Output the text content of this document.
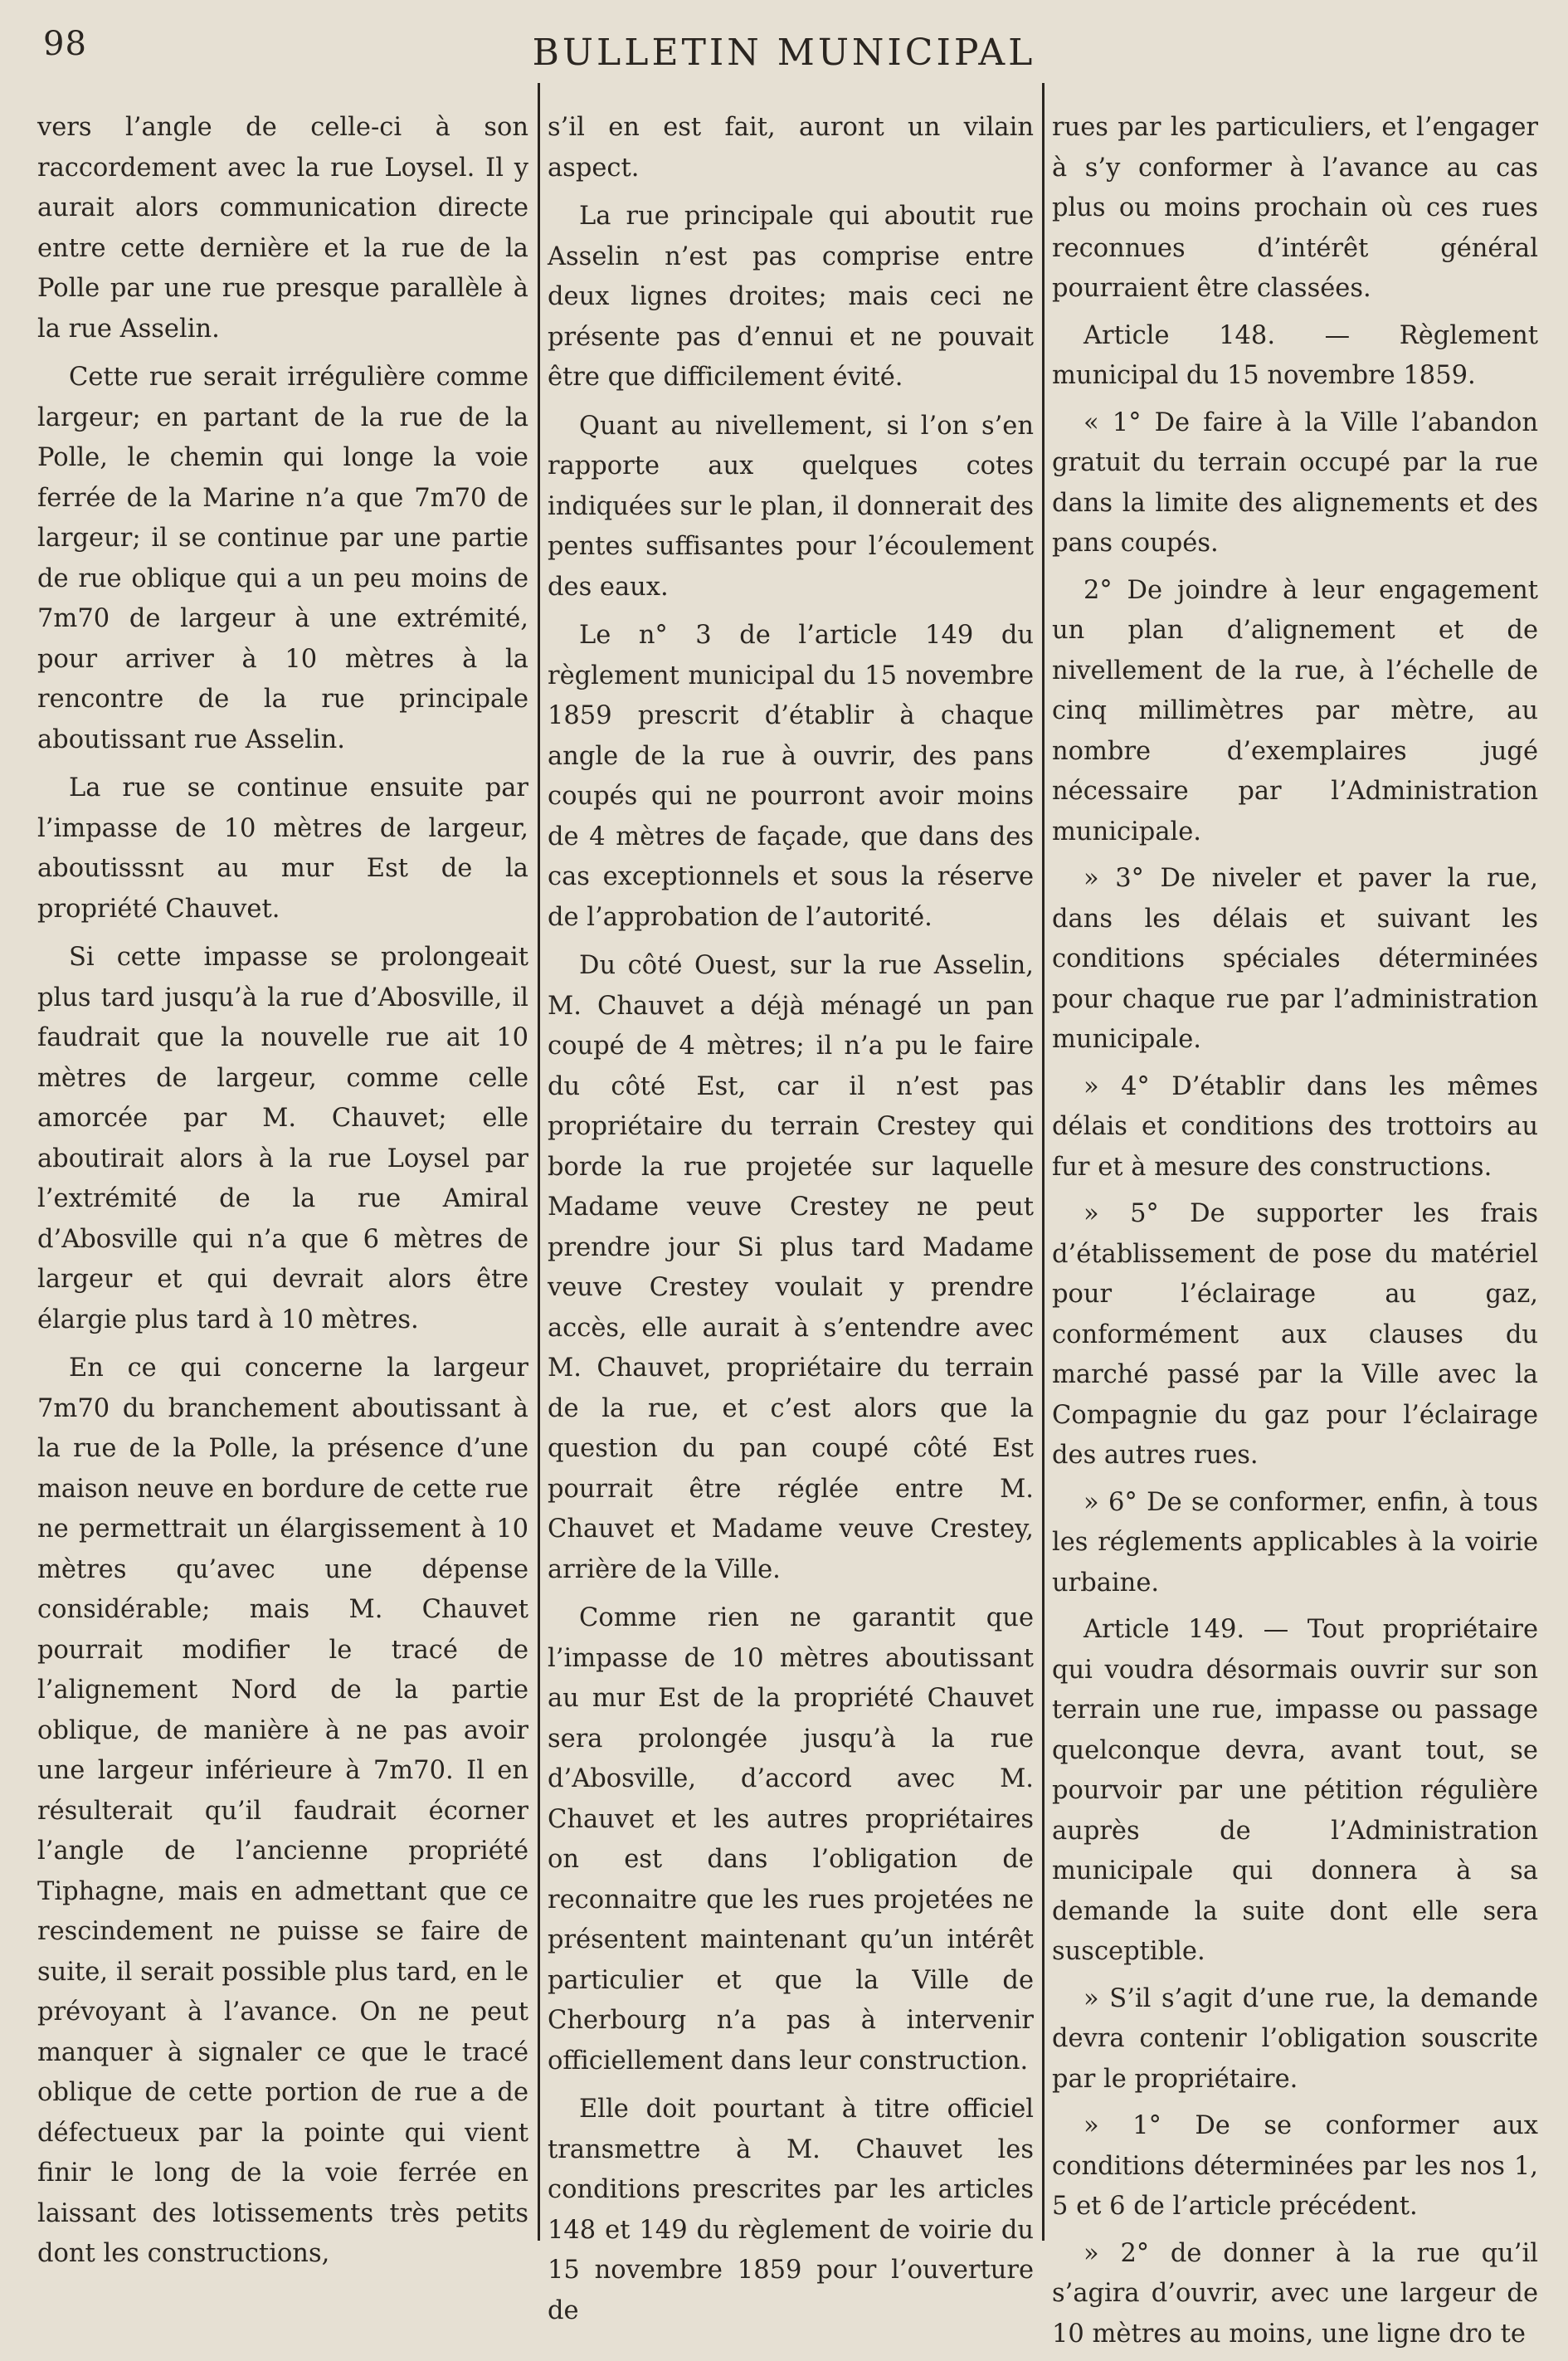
98	BULLETIN MUNICIPAL

vers l’angle de celle-ci à son raccordement avec la rue Loysel. Il y aurait alors communication directe entre cette dernière et la rue de la Polle par une rue presque parallèle à la rue Asselin.

Cette rue serait irrégulière comme largeur; en partant de la rue de la Polle, le chemin qui longe la voie ferrée de la Marine n’a que 7m70 de largeur; il se continue par une partie de rue oblique qui a un peu moins de 7m70 de largeur à une extrémité, pour arriver à 10 mètres à la rencontre de la rue principale aboutissant rue Asselin.

La rue se continue ensuite par l’impasse de 10 mètres de largeur, aboutisssnt au mur Est de la propriété Chauvet.

Si cette impasse se prolongeait plus tard jusqu’à la rue d’Abosville, il faudrait que la nouvelle rue ait 10 mètres de largeur, comme celle amorcée par M. Chauvet; elle aboutirait alors à la rue Loysel par l’extrémité de la rue Amiral d’Abosville qui n’a que 6 mètres de largeur et qui devrait alors être élargie plus tard à 10 mètres.

En ce qui concerne la largeur 7m70 du branchement aboutissant à la rue de la Polle, la présence d’une maison neuve en bordure de cette rue ne permettrait un élargissement à 10 mètres qu’avec une dépense considérable; mais M. Chauvet pourrait modifier le tracé de l’alignement Nord de la partie oblique, de manière à ne pas avoir une largeur inférieure à 7m70. Il en résulterait qu’il faudrait écorner l’angle de l’ancienne propriété Tiphagne, mais en admettant que ce rescindement ne puisse se faire de suite, il serait possible plus tard, en le prévoyant à l’avance. On ne peut manquer à signaler ce que le tracé oblique de cette portion de rue a de défectueux par la pointe qui vient finir le long de la voie ferrée en laissant des lotissements très petits dont les constructions,

s’il en est fait, auront un vilain aspect.

La rue principale qui aboutit rue Asselin n’est pas comprise entre deux lignes droites; mais ceci ne présente pas d’ennui et ne pouvait être que difficilement évité.

Quant au nivellement, si l’on s’en rapporte aux quelques cotes indiquées sur le plan, il donnerait des pentes suffisantes pour l’écoulement des eaux.

Le n° 3 de l’article 149 du règlement municipal du 15 novembre 1859 prescrit d’établir à chaque angle de la rue à ouvrir, des pans coupés qui ne pourront avoir moins de 4 mètres de façade, que dans des cas exceptionnels et sous la réserve de l’approbation de l’autorité.

Du côté Ouest, sur la rue Asselin, M. Chauvet a déjà ménagé un pan coupé de 4 mètres; il n’a pu le faire du côté Est, car il n’est pas propriétaire du terrain Crestey qui borde la rue projetée sur laquelle Madame veuve Crestey ne peut prendre jour Si plus tard Madame veuve Crestey voulait y prendre accès, elle aurait à s’entendre avec M. Chauvet, propriétaire du terrain de la rue, et c’est alors que la question du pan coupé côté Est pourrait être réglée entre M. Chauvet et Madame veuve Crestey, arrière de la Ville.

Comme rien ne garantit que l’impasse de 10 mètres aboutissant au mur Est de la propriété Chauvet sera prolongée jusqu’à la rue d’Abosville, d’accord avec M. Chauvet et les autres propriétaires on est dans l’obligation de reconnaitre que les rues projetées ne présentent maintenant qu’un intérêt particulier et que la Ville de Cherbourg n’a pas à intervenir officiellement dans leur construction.

Elle doit pourtant à titre officiel transmettre à M. Chauvet les conditions prescrites par les articles 148 et 149 du règlement de voirie du 15 novembre 1859 pour l’ouverture de

rues par les particuliers, et l’engager à s’y conformer à l’avance au cas plus ou moins prochain où ces rues reconnues d’intérêt général pourraient être classées.

Article 148. — Règlement municipal du 15 novembre 1859.

« 1° De faire à la Ville l’abandon gratuit du terrain occupé par la rue dans la limite des alignements et des pans coupés.

2° De joindre à leur engagement un plan d’alignement et de nivellement de la rue, à l’échelle de cinq millimètres par mètre, au nombre d’exemplaires jugé nécessaire par l’Administration municipale.

» 3° De niveler et paver la rue, dans les délais et suivant les conditions spéciales déterminées pour chaque rue par l’administration municipale.

» 4° D’établir dans les mêmes délais et conditions des trottoirs au fur et à mesure des constructions.

» 5° De supporter les frais d’établissement de pose du matériel pour l’éclairage au gaz, conformément aux clauses du marché passé par la Ville avec la Compagnie du gaz pour l’éclairage des autres rues.

» 6° De se conformer, enfin, à tous les réglements applicables à la voirie urbaine.

Article 149. — Tout propriétaire qui voudra désormais ouvrir sur son terrain une rue, impasse ou passage quelconque devra, avant tout, se pourvoir par une pétition régulière auprès de l’Administration municipale qui donnera à sa demande la suite dont elle sera susceptible.

» S’il s’agit d’une rue, la demande devra contenir l’obligation souscrite par le propriétaire.

» 1° De se conformer aux conditions déterminées par les nos 1, 5 et 6 de l’article précédent.

» 2° de donner à la rue qu’il s’agira d’ouvrir, avec une largeur de 10 mètres au moins, une ligne dro te
